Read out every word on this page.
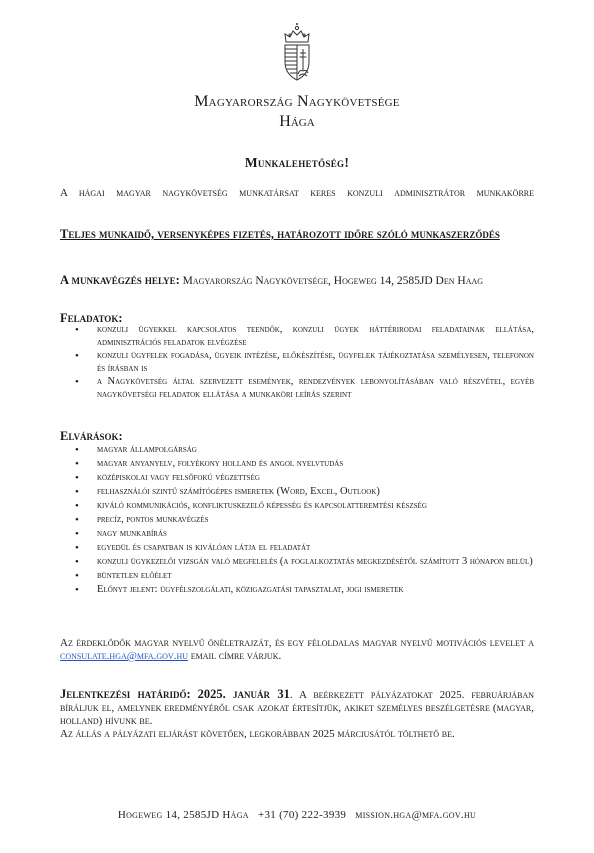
Magyarország Nagykövetsége
Hága
Munkalehetőség!
A hágai magyar nagykövetség munkatársat keres konzuli adminisztrátor munkakörre
Teljes munkaidő, versenyképes fizetés, határozott időre szóló munkaszerződés
A munkavégzés helye: Magyarország Nagykövetsége, Hogeweg 14, 2585JD Den Haag
Feladatok:
• konzuli ügyekkel kapcsolatos teendők, konzuli ügyek háttérirodai feladatainak ellátása, adminisztrációs feladatok elvégzése
• konzuli ügyfelek fogadása, ügyeik intézése, előkészítése, ügyfelek tájékoztatása személyesen, telefonon és írásban is
• a Nagykövetség által szervezett események, rendezvények lebonyolításában való részvétel, egyéb nagykövetségi feladatok ellátása a munkaköri leírás szerint
Elvárások:
• magyar állampolgárság
• magyar anyanyelv, folyékony holland és angol nyelvtudás
• középiskolai vagy felsőfokú végzettség
• felhasználói szintű számítógépes ismeretek (Word, Excel, Outlook)
• kiváló kommunikációs, konfliktuskezelő képesség és kapcsolatteremtési készség
• precíz, pontos munkavégzés
• nagy munkabírás
• egyedül és csapatban is kiválóan látja el feladatát
• konzuli ügykezelői vizsgán való megfelelés (a foglalkoztatás megkezdésétől számított 3 hónapon belül)
• büntetlen előélet
• Előnyt jelent: ügyfélszolgálati, közigazgatási tapasztalat, jogi ismeretek
Az érdeklődők magyar nyelvű önéletrajzát, és egy féloldalas magyar nyelvű motivációs levelet a consulate.hga@mfa.gov.hu email címre várjuk.
Jelentkezési határidő: 2025. január 31. A beérkezett pályázatokat 2025. februárjában bíráljuk el, amelynek eredményéről csak azokat értesítjük, akiket személyes beszélgetésre (magyar, holland) hívunk be.
Az állás a pályázati eljárást követően, legkorábban 2025 márciusától tölthető be.
Hogeweg 14, 2585JD Hága +31 (70) 222-3939 mission.hga@mfa.gov.hu
